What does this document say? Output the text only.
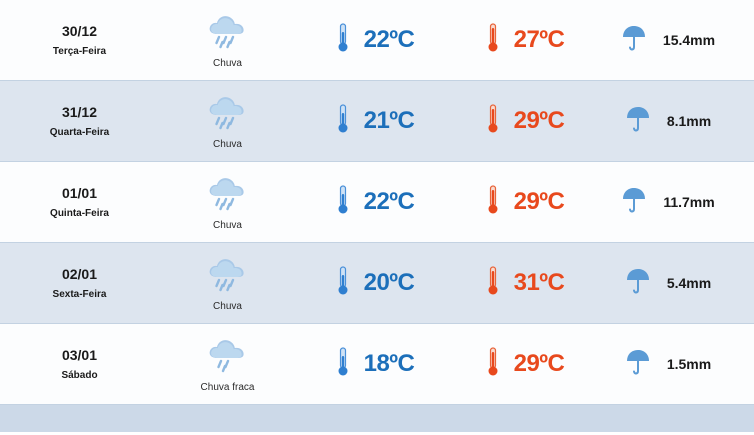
30/12
Terça-Feira
Chuva
22ºC	27ºC	15.4mm
31/12
Quarta-Feira
Chuva
21ºC	29ºC	8.1mm
01/01
Quinta-Feira
Chuva
22ºC	29ºC	11.7mm
02/01
Sexta-Feira
Chuva
20ºC	31ºC	5.4mm
03/01
Sábado
Chuva fraca
18ºC	29ºC	1.5mm
